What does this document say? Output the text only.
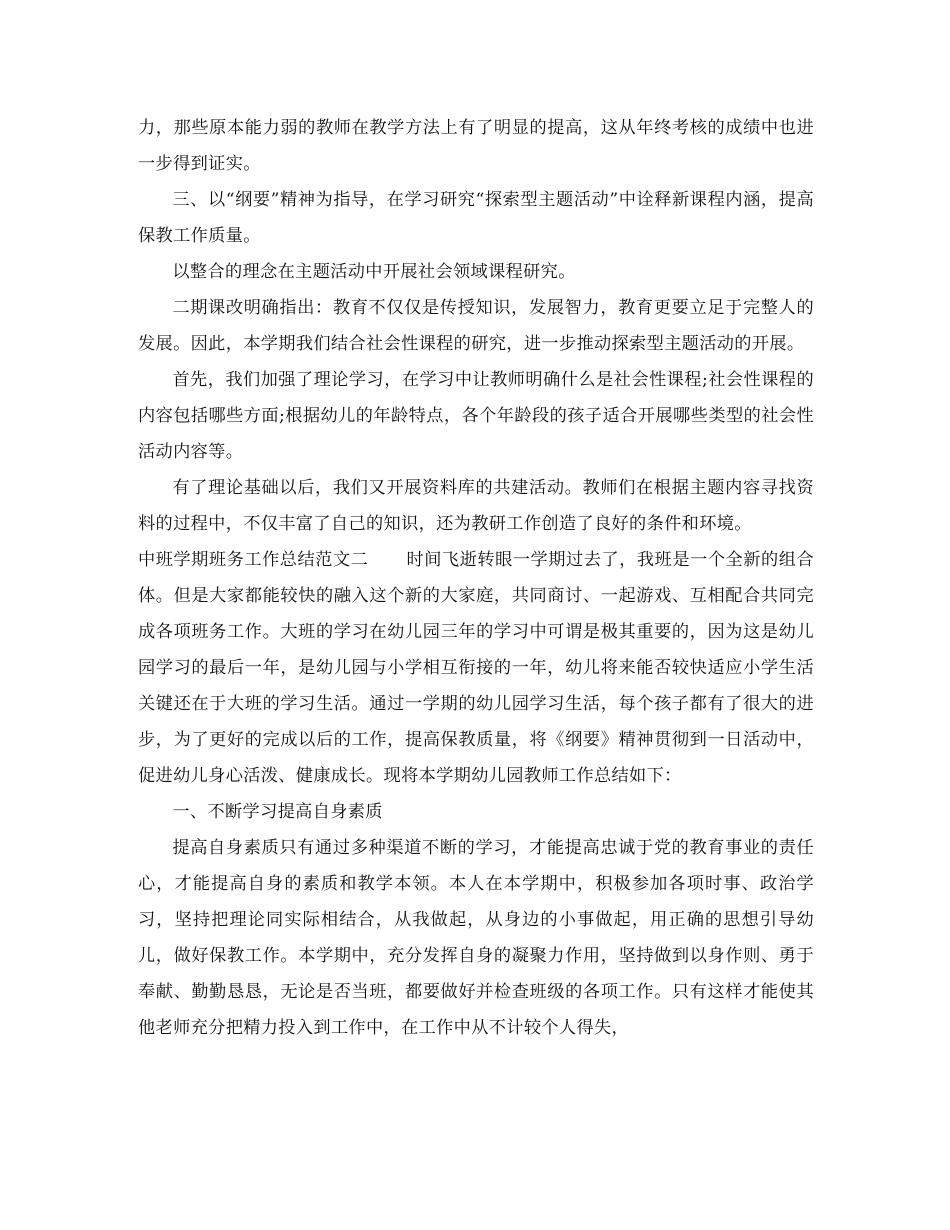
力，那些原本能力弱的教师在教学方法上有了明显的提高，这从年终考核的成绩中也进一步得到证实。

三、以“纲要”精神为指导，在学习研究“探索型主题活动”中诠释新课程内涵，提高保教工作质量。

以整合的理念在主题活动中开展社会领域课程研究。

二期课改明确指出：教育不仅仅是传授知识，发展智力，教育更要立足于完整人的发展。因此，本学期我们结合社会性课程的研究，进一步推动探索型主题活动的开展。

首先，我们加强了理论学习，在学习中让教师明确什么是社会性课程;社会性课程的内容包括哪些方面;根据幼儿的年龄特点，各个年龄段的孩子适合开展哪些类型的社会性活动内容等。

有了理论基础以后，我们又开展资料库的共建活动。教师们在根据主题内容寻找资料的过程中，不仅丰富了自己的知识，还为教研工作创造了良好的条件和环境。

中班学期班务工作总结范文二 时间飞逝转眼一学期过去了，我班是一个全新的组合体。但是大家都能较快的融入这个新的大家庭，共同商讨、一起游戏、互相配合共同完成各项班务工作。大班的学习在幼儿园三年的学习中可谓是极其重要的，因为这是幼儿园学习的最后一年，是幼儿园与小学相互衔接的一年，幼儿将来能否较快适应小学生活关键还在于大班的学习生活。通过一学期的幼儿园学习生活，每个孩子都有了很大的进步，为了更好的完成以后的工作，提高保教质量，将《纲要》精神贯彻到一日活动中，促进幼儿身心活泼、健康成长。现将本学期幼儿园教师工作总结如下：

一、不断学习提高自身素质

提高自身素质只有通过多种渠道不断的学习，才能提高忠诚于党的教育事业的责任心，才能提高自身的素质和教学本领。本人在本学期中，积极参加各项时事、政治学习，坚持把理论同实际相结合，从我做起，从身边的小事做起，用正确的思想引导幼儿，做好保教工作。本学期中，充分发挥自身的凝聚力作用，坚持做到以身作则、勇于奉献、勤勤恳恳，无论是否当班，都要做好并检查班级的各项工作。只有这样才能使其他老师充分把精力投入到工作中，在工作中从不计较个人得失，
